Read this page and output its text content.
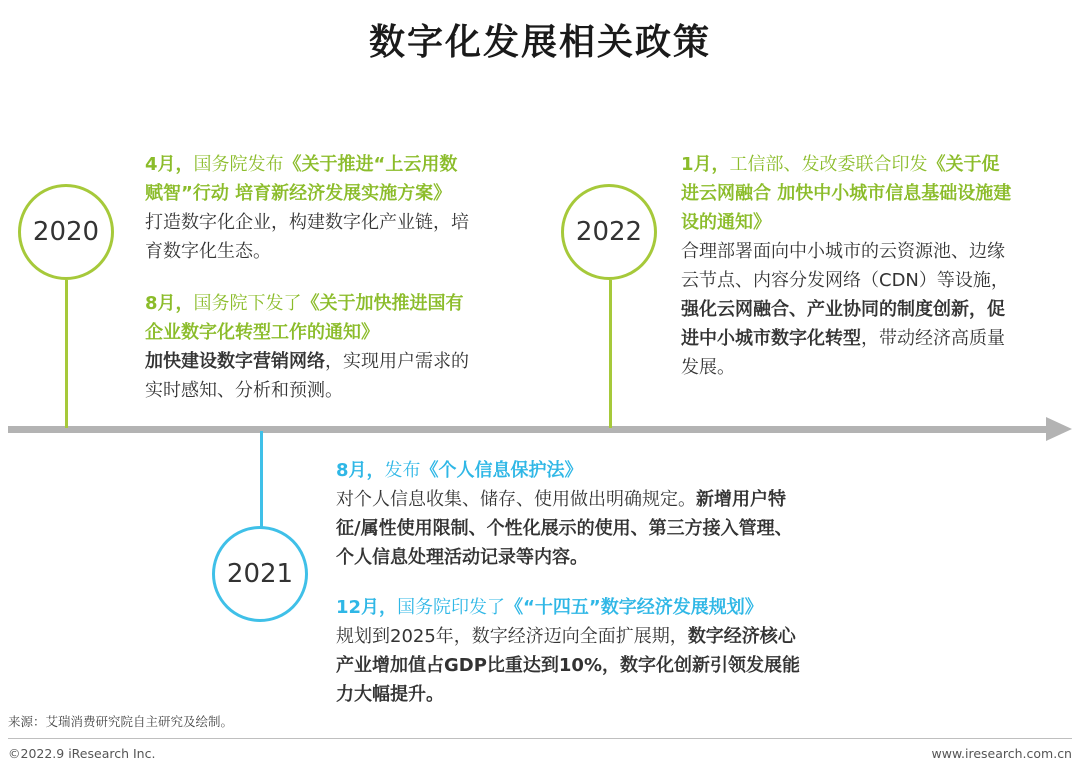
数字化发展相关政策
2020	2022
2021

4月，国务院发布《关于推进“上云用数

赋智”行动 培育新经济发展实施方案》

打造数字化企业，构建数字化产业链，培

育数字化生态。

8月，国务院下发了《关于加快推进国有

企业数字化转型工作的通知》

加快建设数字营销网络，实现用户需求的

实时感知、分析和预测。

1月，工信部、发改委联合印发《关于促

进云网融合 加快中小城市信息基础设施建

设的通知》

合理部署面向中小城市的云资源池、边缘

云节点、内容分发网络（CDN）等设施，

强化云网融合、产业协同的制度创新，促

进中小城市数字化转型，带动经济高质量

发展。

8月，发布《个人信息保护法》

对个人信息收集、储存、使用做出明确规定。新增用户特

征/属性使用限制、个性化展示的使用、第三方接入管理、

个人信息处理活动记录等内容。

12月，国务院印发了《“十四五”数字经济发展规划》

规划到2025年，数字经济迈向全面扩展期，数字经济核心

产业增加值占GDP比重达到10%，数字化创新引领发展能

力大幅提升。

来源：艾瑞消费研究院自主研究及绘制。
©2022.9 iResearch Inc.	www.iresearch.com.cn
